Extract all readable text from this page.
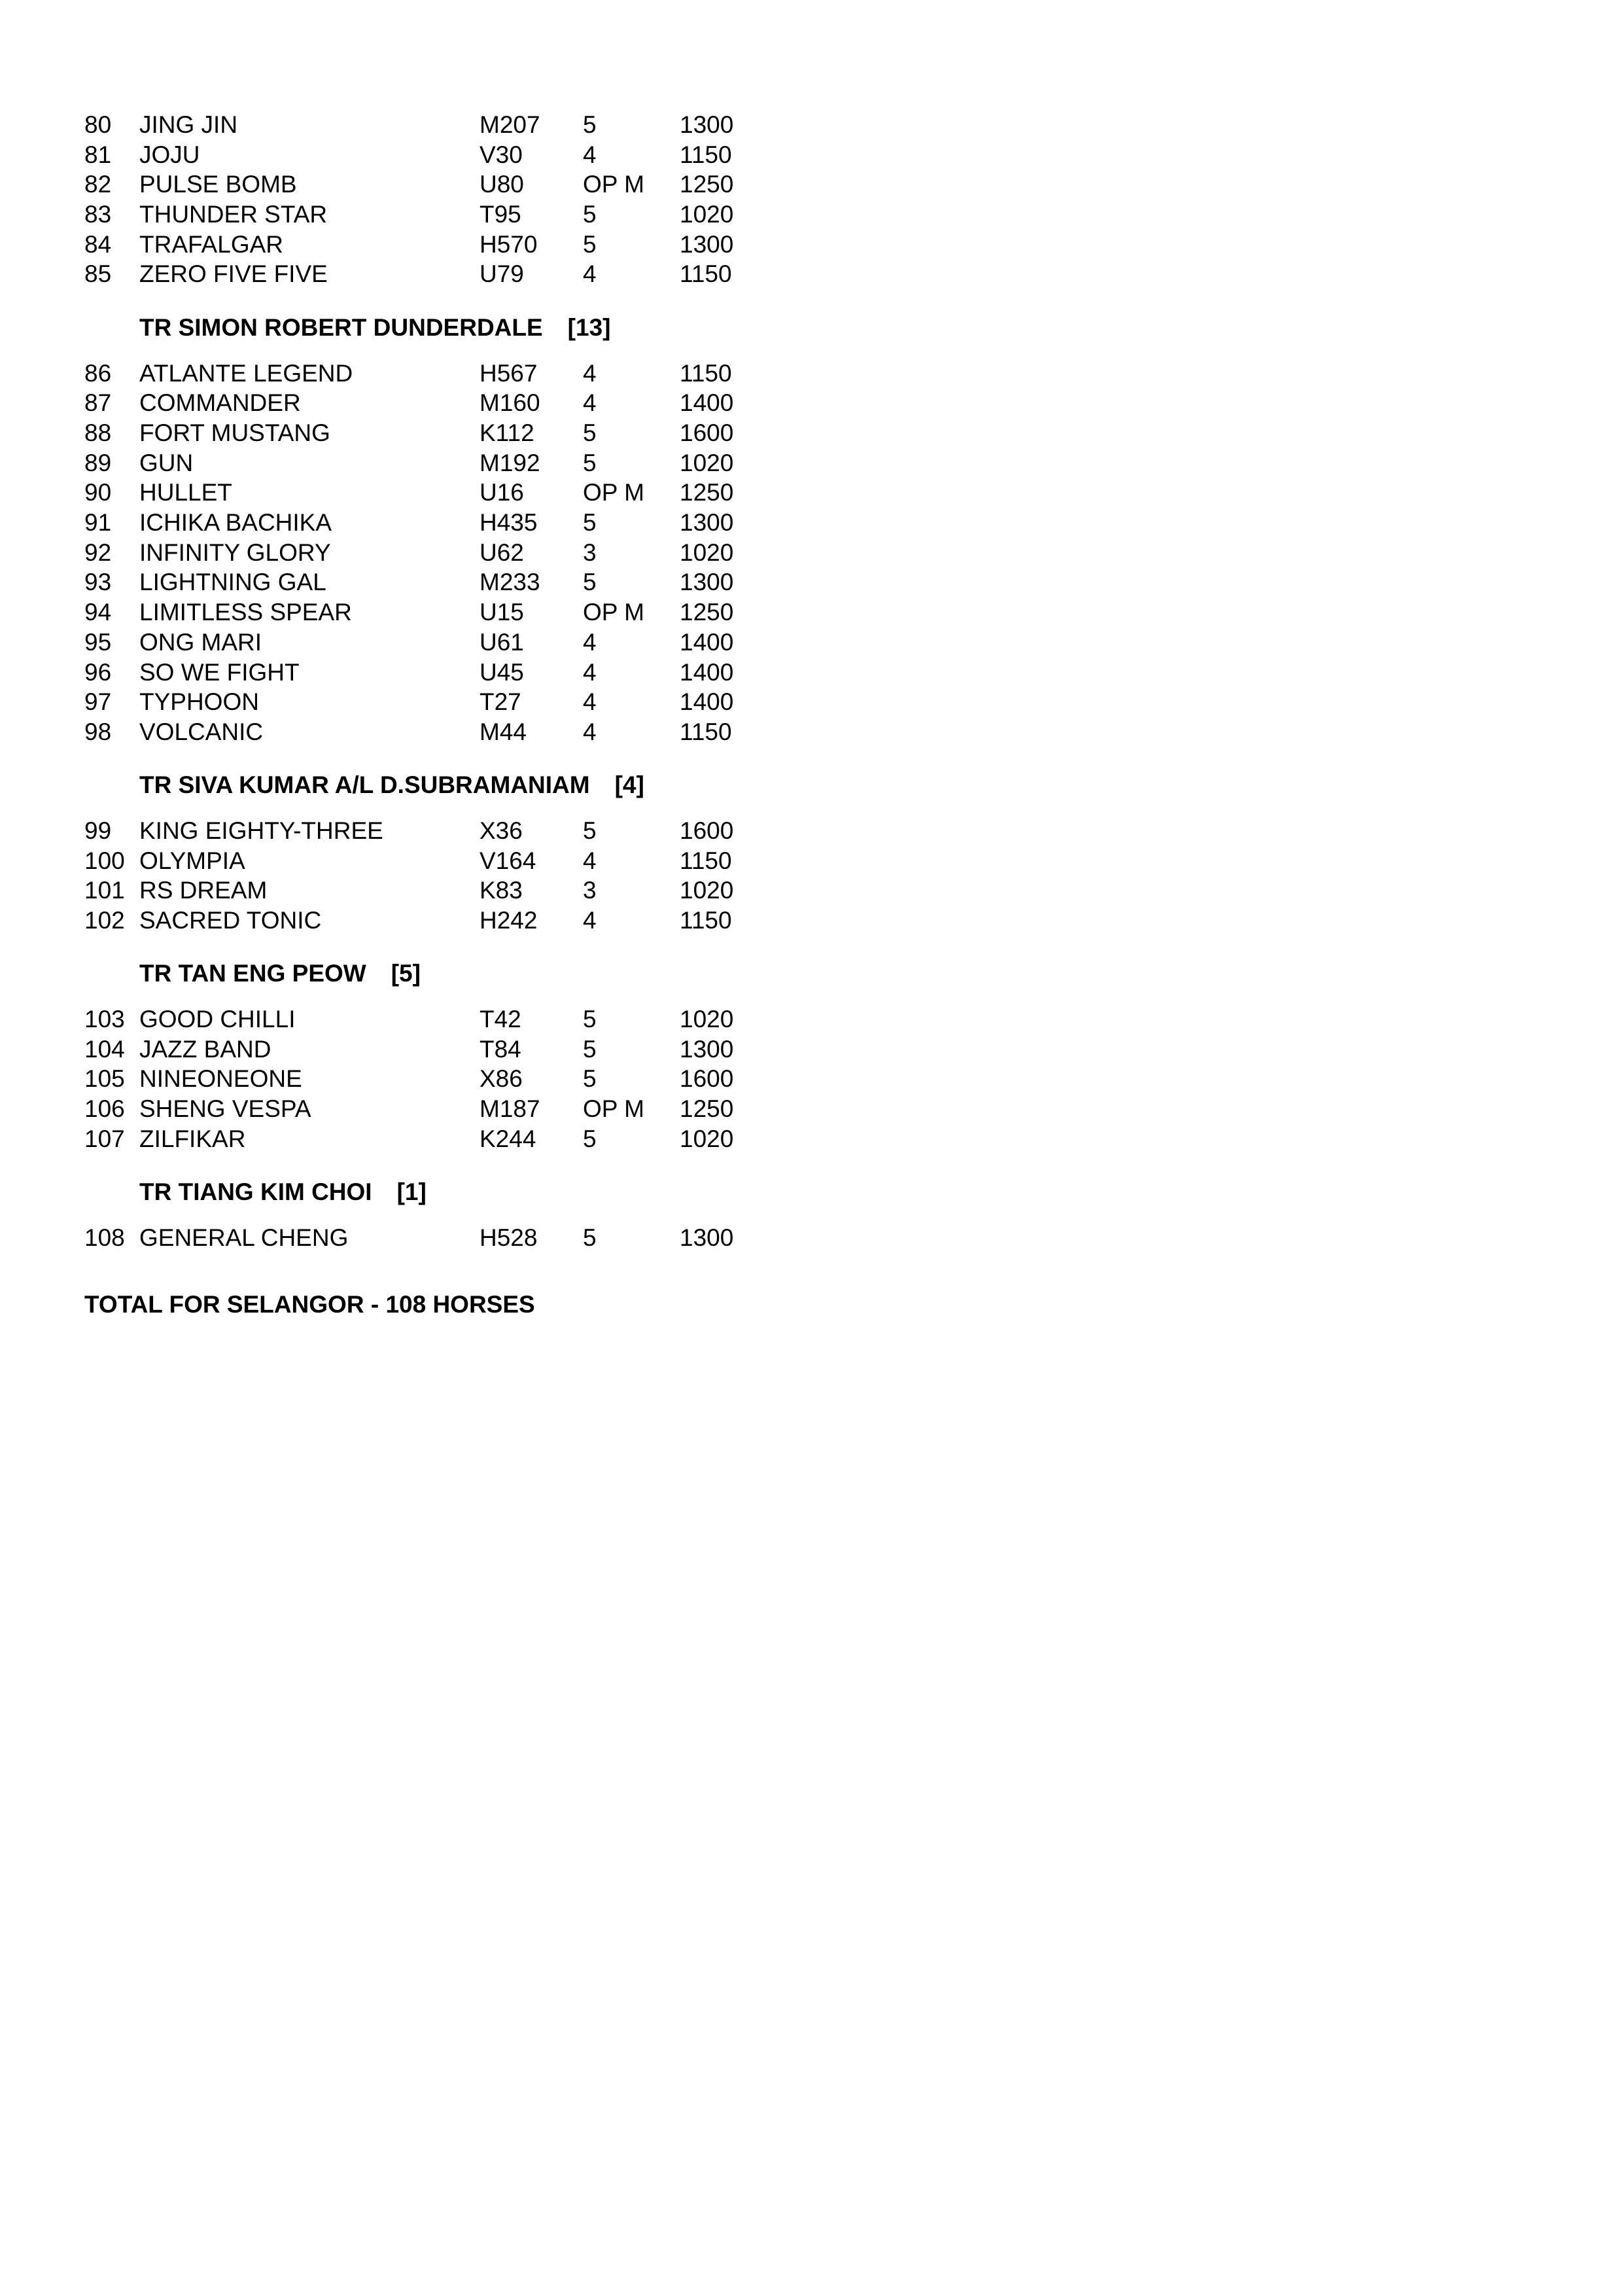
80 JING JIN	M207 5	1300
81 JOJU	V30 4	1150
82 PULSE BOMB	U80 OP M 1250
83 THUNDER STAR	T95	5	1020
84 TRAFALGAR	H570 5	1300
85 ZERO FIVE FIVE	U79 4	1150
TR SIMON ROBERT DUNDERDALE [13]
86 ATLANTE LEGEND	H567 4	1150
87 COMMANDER	M160 4	1400
88 FORT MUSTANG	K112 5	1600
89 GUN	M192 5	1020
90 HULLET	U16 OP M 1250
91 ICHIKA BACHIKA	H435 5	1300
92 INFINITY GLORY	U62 3	1020
93 LIGHTNING GAL	M233 5	1300
94 LIMITLESS SPEAR	U15 OP M 1250
95 ONG MARI	U61 4	1400
96 SO WE FIGHT	U45 4	1400
97 TYPHOON	T27	4	1400
98 VOLCANIC	M44 4	1150
TR SIVA KUMAR A/L D.SUBRAMANIAM [4]
99 KING EIGHTY-THREE	X36 5	1600
100 OLYMPIA	V164 4	1150
101 RS DREAM	K83 3	1020
102 SACRED TONIC	H242 4	1150
TR TAN ENG PEOW [5]
103 GOOD CHILLI	T42	5	1020
104 JAZZ BAND	T84	5	1300
105 NINEONEONE	X86 5	1600
106 SHENG VESPA	M187 OP M 1250
107 ZILFIKAR	K244 5	1020
TR TIANG KIM CHOI [1]
108 GENERAL CHENG	H528 5	1300
TOTAL FOR SELANGOR - 108 HORSES
